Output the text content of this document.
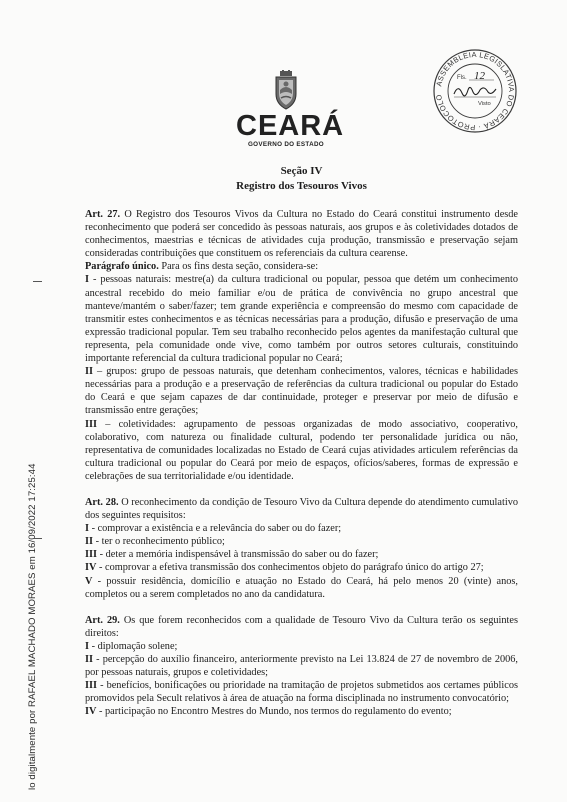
CEARÁ
GOVERNO DO ESTADO
ASSEMBLEIA LEGISLATIVA DO CEARÁ · PROTOCOLO
Fls. 12
Visto
lo digitalmente por RAFAEL MACHADO MORAES em 16/09/2022 17:25:44
Seção IV
Registro dos Tesouros Vivos

Art. 27. O Registro dos Tesouros Vivos da Cultura no Estado do Ceará constitui instrumento desde reconhecimento que poderá ser concedido às pessoas naturais, aos grupos e às coletividades dotados de conhecimentos, maestrias e técnicas de atividades cuja produção, transmissão e preservação sejam consideradas contribuições que constituem os referenciais da cultura cearense.

Parágrafo único. Para os fins desta seção, considera-se:

I - pessoas naturais: mestre(a) da cultura tradicional ou popular, pessoa que detém um conhecimento ancestral recebido do meio familiar e/ou de prática de convivência no grupo ancestral que manteve/mantém o saber/fazer; tem grande experiência e compreensão do mesmo com capacidade de transmitir estes conhecimentos e as técnicas necessárias para a produção, difusão e preservação de uma expressão tradicional popular. Tem seu trabalho reconhecido pelos agentes da manifestação cultural que representa, pela comunidade onde vive, como também por outros setores culturais, constituindo importante referencial da cultura tradicional popular no Ceará;

II – grupos: grupo de pessoas naturais, que detenham conhecimentos, valores, técnicas e habilidades necessárias para a produção e a preservação de referências da cultura tradicional ou popular do Estado do Ceará e que sejam capazes de dar continuidade, proteger e preservar por meio de difusão e transmissão entre gerações;

III – coletividades: agrupamento de pessoas organizadas de modo associativo, cooperativo, colaborativo, com natureza ou finalidade cultural, podendo ter personalidade jurídica ou não, representativa de comunidades localizadas no Estado de Ceará cujas atividades articulem referências da cultura tradicional ou popular do Ceará por meio de espaços, ofícios/saberes, formas de expressão e celebrações de sua territorialidade e/ou identidade.

Art. 28. O reconhecimento da condição de Tesouro Vivo da Cultura depende do atendimento cumulativo dos seguintes requisitos:

I - comprovar a existência e a relevância do saber ou do fazer;

II - ter o reconhecimento público;

III - deter a memória indispensável à transmissão do saber ou do fazer;

IV - comprovar a efetiva transmissão dos conhecimentos objeto do parágrafo único do artigo 27;

V - possuir residência, domicílio e atuação no Estado do Ceará, há pelo menos 20 (vinte) anos, completos ou a serem completados no ano da candidatura.

Art. 29. Os que forem reconhecidos com a qualidade de Tesouro Vivo da Cultura terão os seguintes direitos:

I - diplomação solene;

II - percepção do auxílio financeiro, anteriormente previsto na Lei 13.824 de 27 de novembro de 2006, por pessoas naturais, grupos e coletividades;

III - benefícios, bonificações ou prioridade na tramitação de projetos submetidos aos certames públicos promovidos pela Secult relativos à área de atuação na forma disciplinada no instrumento convocatório;

IV - participação no Encontro Mestres do Mundo, nos termos do regulamento do evento;
